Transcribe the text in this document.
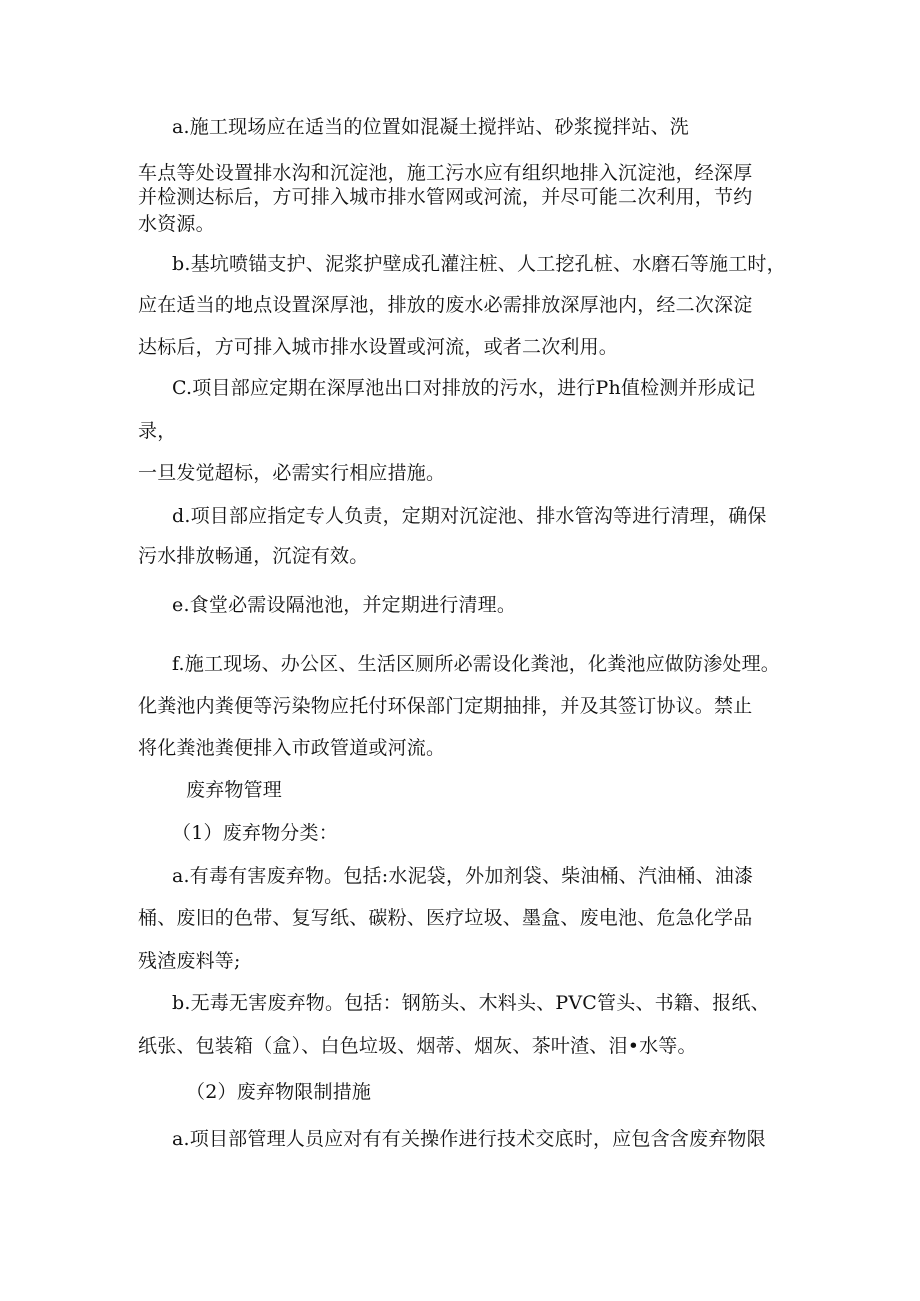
a.施工现场应在适当的位置如混凝土搅拌站、砂浆搅拌站、洗
车点等处设置排水沟和沉淀池，施工污水应有组织地排入沉淀池，经深厚
并检测达标后，方可排入城市排水管网或河流，并尽可能二次利用，节约
水资源。
b.基坑喷锚支护、泥浆护壁成孔灌注桩、人工挖孔桩、水磨石等施工时，
应在适当的地点设置深厚池，排放的废水必需排放深厚池内，经二次深淀
达标后，方可排入城市排水设置或河流，或者二次利用。
C.项目部应定期在深厚池出口对排放的污水，进行Ph值检测并形成记
录，
一旦发觉超标，必需实行相应措施。
d.项目部应指定专人负责，定期对沉淀池、排水管沟等进行清理，确保
污水排放畅通，沉淀有效。
e.食堂必需设隔池池，并定期进行清理。
f.施工现场、办公区、生活区厕所必需设化粪池，化粪池应做防渗处理。
化粪池内粪便等污染物应托付环保部门定期抽排，并及其签订协议。禁止
将化粪池粪便排入市政管道或河流。
废弃物管理
（1）废弃物分类：
a.有毒有害废弃物。包括:水泥袋，外加剂袋、柴油桶、汽油桶、油漆
桶、废旧的色带、复写纸、碳粉、医疗垃圾、墨盒、废电池、危急化学品
残渣废料等;
b.无毒无害废弃物。包括：钢筋头、木料头、PVC管头、书籍、报纸、
纸张、包装箱（盒）、白色垃圾、烟蒂、烟灰、茶叶渣、泪•水等。
（2）废弃物限制措施
a.项目部管理人员应对有有关操作进行技术交底时，应包含含废弃物限
